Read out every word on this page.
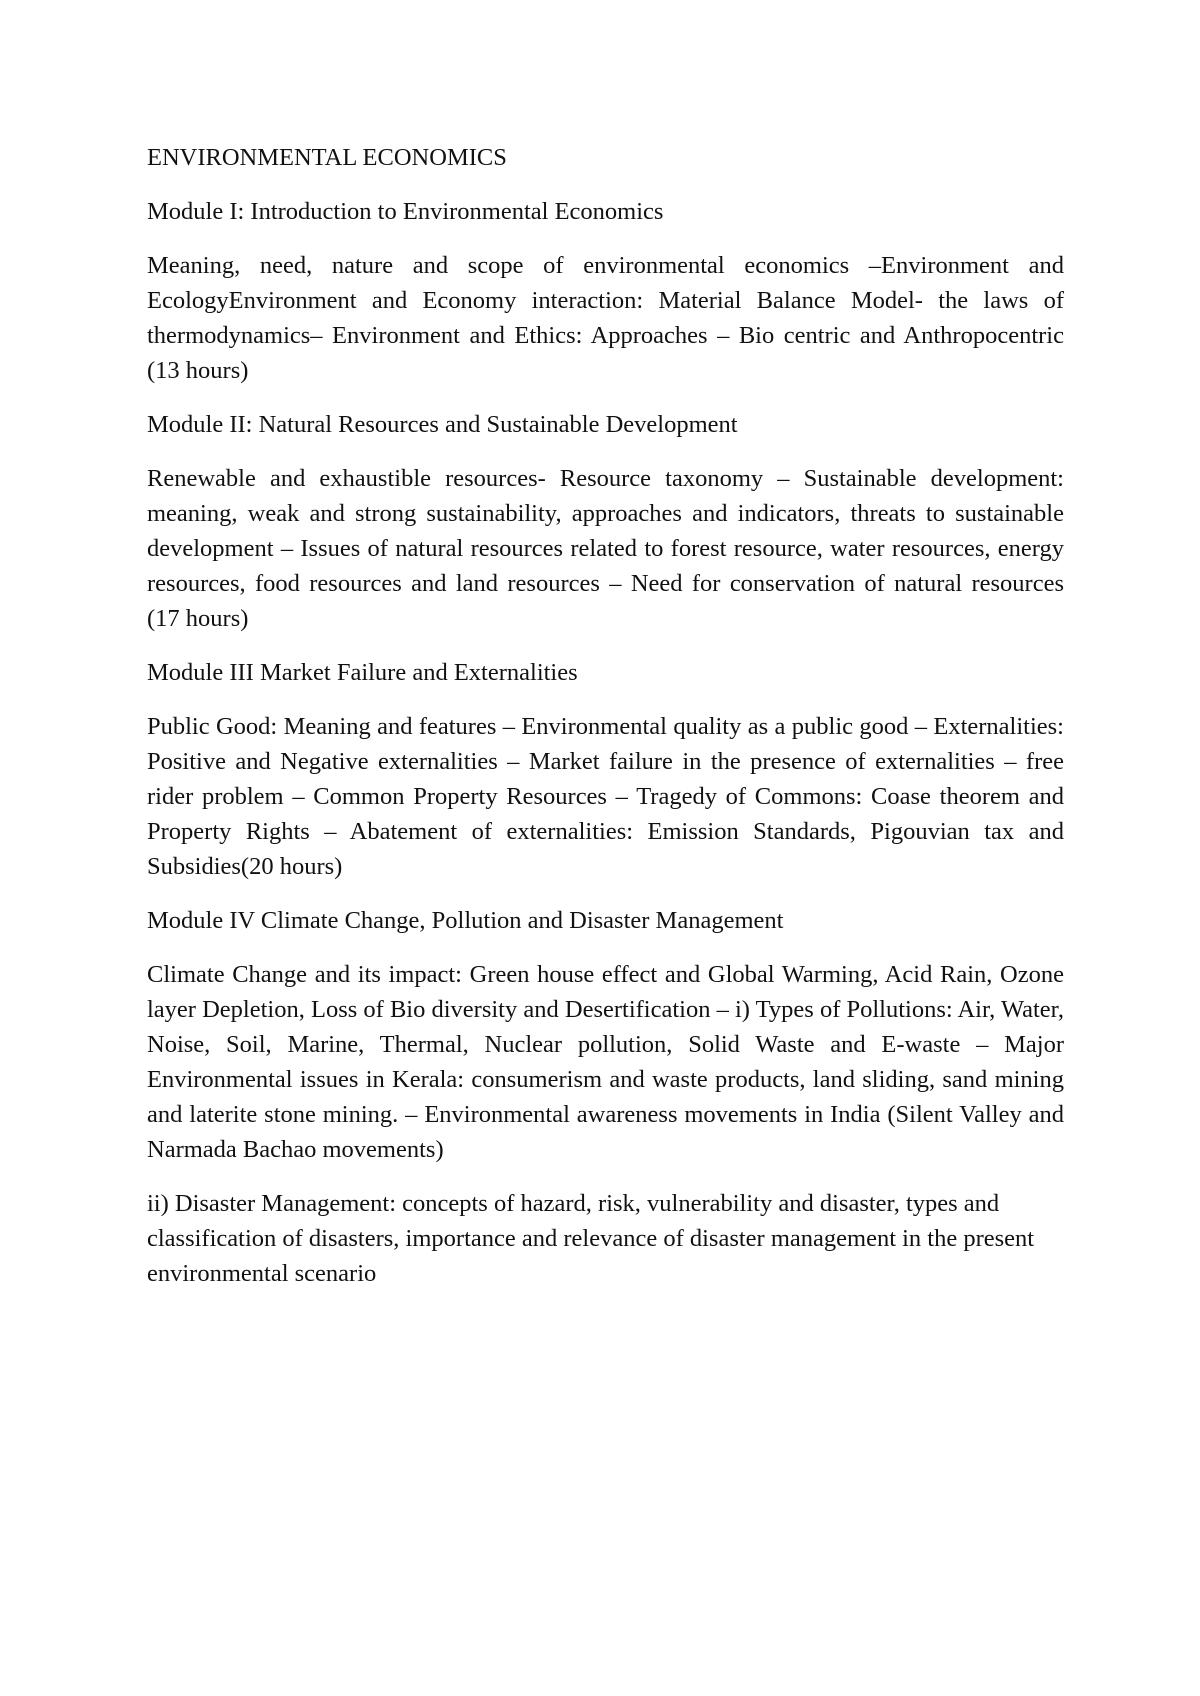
ENVIRONMENTAL ECONOMICS

Module I: Introduction to Environmental Economics

Meaning, need, nature and scope of environmental economics –Environment and EcologyEnvironment and Economy interaction: Material Balance Model- the laws of thermodynamics– Environment and Ethics: Approaches – Bio centric and Anthropocentric (13 hours)

Module II: Natural Resources and Sustainable Development

Renewable and exhaustible resources- Resource taxonomy – Sustainable development: meaning, weak and strong sustainability, approaches and indicators, threats to sustainable development – Issues of natural resources related to forest resource, water resources, energy resources, food resources and land resources – Need for conservation of natural resources (17 hours)

Module III Market Failure and Externalities

Public Good: Meaning and features – Environmental quality as a public good – Externalities: Positive and Negative externalities – Market failure in the presence of externalities – free rider problem – Common Property Resources – Tragedy of Commons: Coase theorem and Property Rights – Abatement of externalities: Emission Standards, Pigouvian tax and Subsidies(20 hours)

Module IV Climate Change, Pollution and Disaster Management

Climate Change and its impact: Green house effect and Global Warming, Acid Rain, Ozone layer Depletion, Loss of Bio diversity and Desertification – i) Types of Pollutions: Air, Water, Noise, Soil, Marine, Thermal, Nuclear pollution, Solid Waste and E-waste – Major Environmental issues in Kerala: consumerism and waste products, land sliding, sand mining and laterite stone mining. – Environmental awareness movements in India (Silent Valley and Narmada Bachao movements)

ii) Disaster Management: concepts of hazard, risk, vulnerability and disaster, types and classification of disasters, importance and relevance of disaster management in the present environmental scenario
